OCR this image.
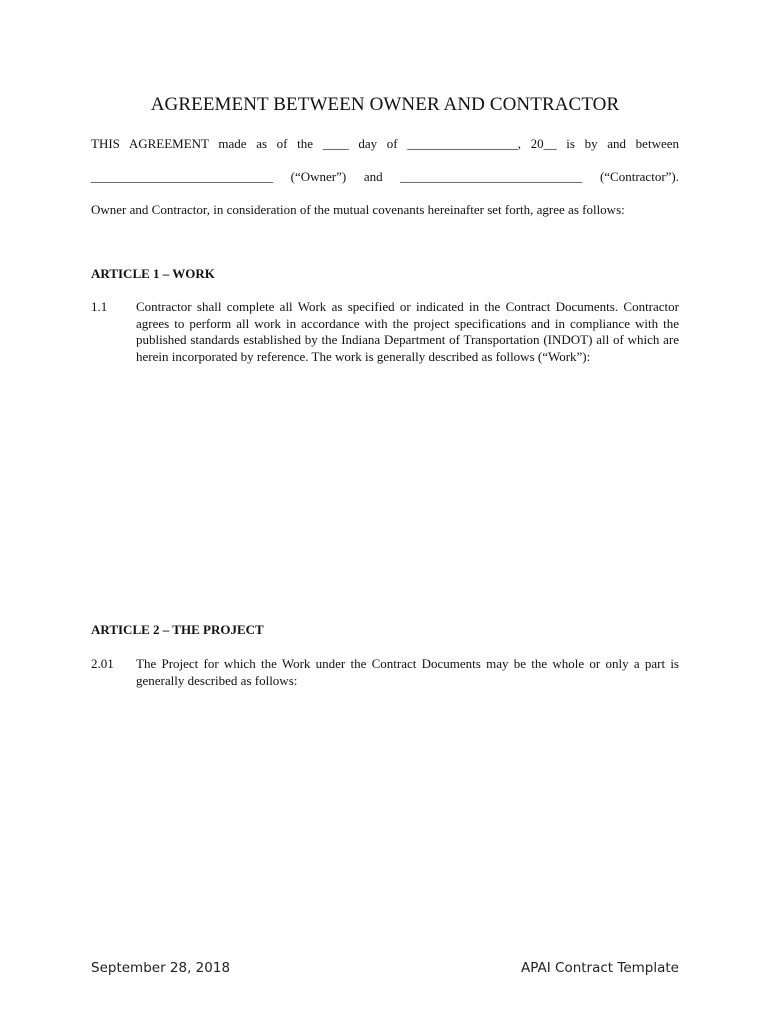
AGREEMENT BETWEEN OWNER AND CONTRACTOR
THIS AGREEMENT made as of the ____ day of _________________, 20__ is by and between
____________________________ (“Owner”) and ____________________________ (“Contractor”).
Owner and Contractor, in consideration of the mutual covenants hereinafter set forth, agree as follows:
ARTICLE 1 – WORK
1.1 Contractor shall complete all Work as specified or indicated in the Contract Documents. Contractor agrees to perform all work in accordance with the project specifications and in compliance with the published standards established by the Indiana Department of Transportation (INDOT) all of which are herein incorporated by reference. The work is generally described as follows (“Work”):
ARTICLE 2 – THE PROJECT
2.01 The Project for which the Work under the Contract Documents may be the whole or only a part is generally described as follows:
September 28, 2018	APAI Contract Template
